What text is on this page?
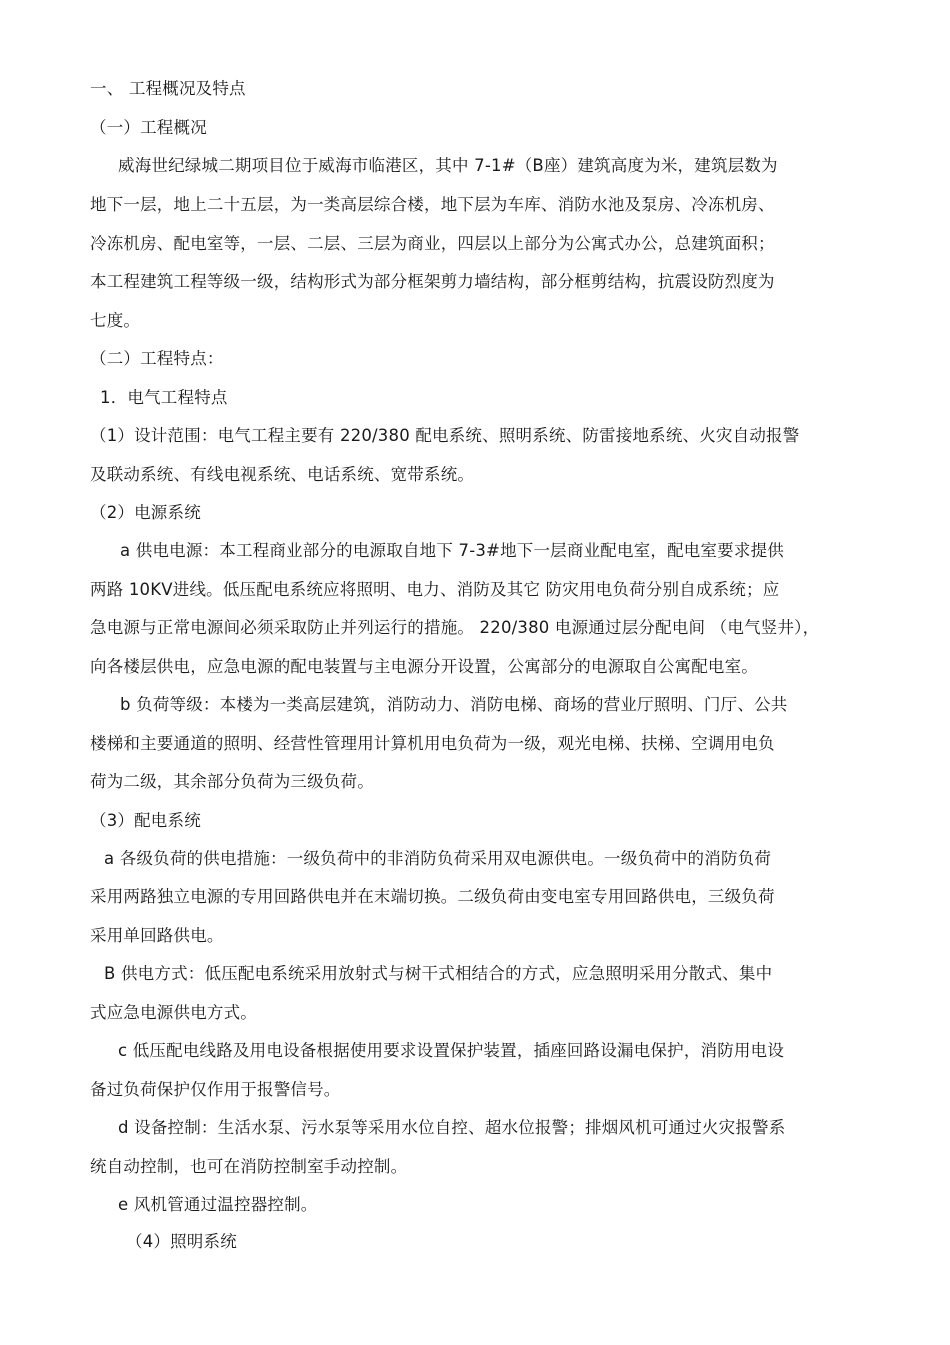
一、 工程概况及特点
（一）工程概况
威海世纪绿城二期项目位于威海市临港区，其中 7-1#（B座）建筑高度为米，建筑层数为
地下一层，地上二十五层，为一类高层综合楼，地下层为车库、消防水池及泵房、冷冻机房、
冷冻机房、配电室等，一层、二层、三层为商业，四层以上部分为公寓式办公，总建筑面积；
本工程建筑工程等级一级，结构形式为部分框架剪力墙结构，部分框剪结构，抗震设防烈度为
七度。
（二）工程特点：
1．电气工程特点
（1）设计范围：电气工程主要有 220/380 配电系统、照明系统、防雷接地系统、火灾自动报警
及联动系统、有线电视系统、电话系统、宽带系统。
（2）电源系统
a 供电电源：本工程商业部分的电源取自地下 7-3#地下一层商业配电室，配电室要求提供
两路 10KV进线。低压配电系统应将照明、电力、消防及其它 防灾用电负荷分别自成系统；应
急电源与正常电源间必须采取防止并列运行的措施。 220/380 电源通过层分配电间 （电气竖井），
向各楼层供电，应急电源的配电装置与主电源分开设置，公寓部分的电源取自公寓配电室。
b 负荷等级：本楼为一类高层建筑，消防动力、消防电梯、商场的营业厅照明、门厅、公共
楼梯和主要通道的照明、经营性管理用计算机用电负荷为一级，观光电梯、扶梯、空调用电负
荷为二级，其余部分负荷为三级负荷。
（3）配电系统
a 各级负荷的供电措施：一级负荷中的非消防负荷采用双电源供电。一级负荷中的消防负荷
采用两路独立电源的专用回路供电并在末端切换。二级负荷由变电室专用回路供电，三级负荷
采用单回路供电。
B 供电方式：低压配电系统采用放射式与树干式相结合的方式，应急照明采用分散式、集中
式应急电源供电方式。
c 低压配电线路及用电设备根据使用要求设置保护装置，插座回路设漏电保护，消防用电设
备过负荷保护仅作用于报警信号。
d 设备控制：生活水泵、污水泵等采用水位自控、超水位报警；排烟风机可通过火灾报警系
统自动控制，也可在消防控制室手动控制。
e 风机管通过温控器控制。
（4）照明系统
